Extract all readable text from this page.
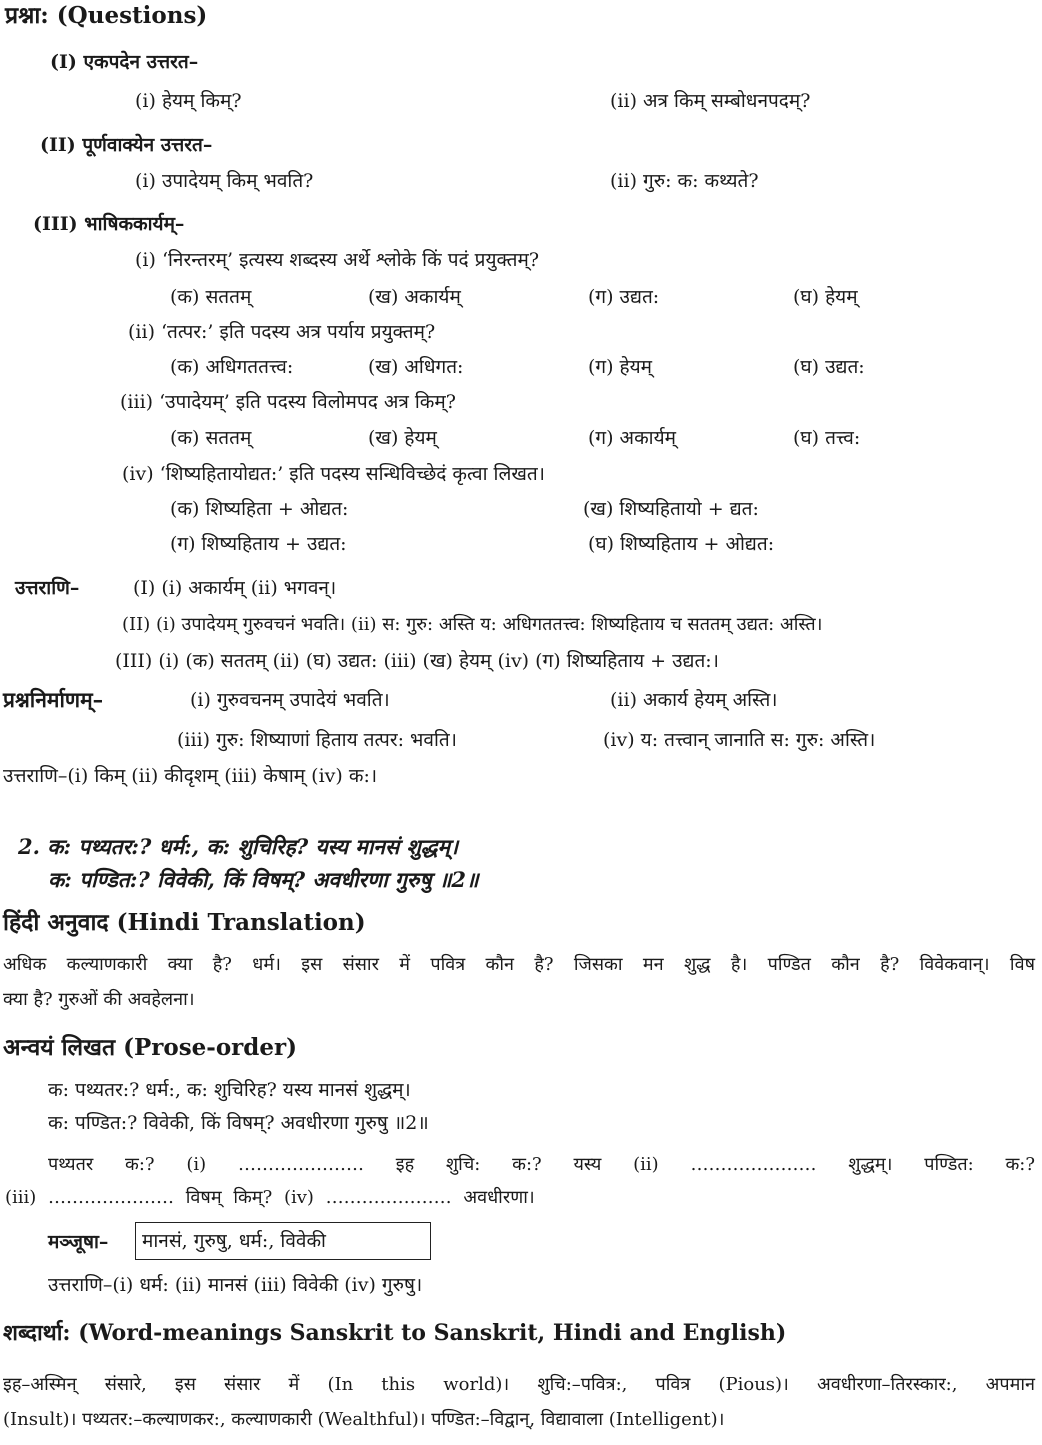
प्रश्ना: (Questions)
(I) एकपदेन उत्तरत–
(i) हेयम् किम्?	(ii) अत्र किम् सम्बोधनपदम्?
(II) पूर्णवाक्येन उत्तरत–
(i) उपादेयम् किम् भवति?	(ii) गुरु: क: कथ्यते?
(III) भाषिककार्यम्–
(i) ‘निरन्तरम्’ इत्यस्य शब्दस्य अर्थे श्लोके किं पदं प्रयुक्तम्?
(क) सततम्	(ख) अकार्यम्	(ग) उद्यत:	(घ) हेयम्
(ii) ‘तत्पर:’ इति पदस्य अत्र पर्याय प्रयुक्तम्?
(क) अधिगततत्त्व:	(ख) अधिगत:	(ग) हेयम्	(घ) उद्यत:
(iii) ‘उपादेयम्’ इति पदस्य विलोमपद अत्र किम्?
(क) सततम्	(ख) हेयम्	(ग) अकार्यम्	(घ) तत्त्व:
(iv) ‘शिष्यहितायोद्यत:’ इति पदस्य सन्धिविच्छेदं कृत्वा लिखत।
(क) शिष्यहिता + ओद्यत:	(ख) शिष्यहितायो + द्यत:
(ग) शिष्यहिताय + उद्यत:	(घ) शिष्यहिताय + ओद्यत:
उत्तराणि–	(I) (i) अकार्यम् (ii) भगवन्।
(II) (i) उपादेयम् गुरुवचनं भवति। (ii) स: गुरु: अस्ति य: अधिगततत्त्व: शिष्यहिताय च सततम् उद्यत: अस्ति।
(III) (i) (क) सततम् (ii) (घ) उद्यत: (iii) (ख) हेयम् (iv) (ग) शिष्यहिताय + उद्यत:।
प्रश्ननिर्माणम्–	(i) गुरुवचनम् उपादेयं भवति।	(ii) अकार्य हेयम् अस्ति।
(iii) गुरु: शिष्याणां हिताय तत्पर: भवति।	(iv) य: तत्त्वान् जानाति स: गुरु: अस्ति।
उत्तराणि–(i) किम् (ii) कीदृशम् (iii) केषाम् (iv) क:।
2. क: पथ्यतर:? धर्म:, क: शुचिरिह? यस्य मानसं शुद्धम्।
क: पण्डित:? विवेकी, किं विषम्? अवधीरणा गुरुषु ॥2॥
हिंदी अनुवाद (Hindi Translation)
अधिक कल्याणकारी क्या है? धर्म। इस संसार में पवित्र कौन है? जिसका मन शुद्ध है। पण्डित कौन है? विवेकवान्। विष
क्या है? गुरुओं की अवहेलना।
अन्वयं लिखत (Prose-order)
क: पथ्यतर:? धर्म:, क: शुचिरिह? यस्य मानसं शुद्धम्।
क: पण्डित:? विवेकी, किं विषम्? अवधीरणा गुरुषु ॥2॥
पथ्यतर क:? (i) ………………… इह शुचि: क:? यस्य (ii) ………………… शुद्धम्। पण्डित: क:?
(iii) ………………… विषम् किम्? (iv) ………………… अवधीरणा।
मञ्जूषा– मानसं, गुरुषु, धर्म:, विवेकी
उत्तराणि–(i) धर्म: (ii) मानसं (iii) विवेकी (iv) गुरुषु।
शब्दार्था: (Word-meanings Sanskrit to Sanskrit, Hindi and English)
इह–अस्मिन् संसारे, इस संसार में (In this world)। शुचि:–पवित्र:, पवित्र (Pious)। अवधीरणा–तिरस्कार:, अपमान
(Insult)। पथ्यतर:–कल्याणकर:, कल्याणकारी (Wealthful)। पण्डित:–विद्वान्, विद्यावाला (Intelligent)।
